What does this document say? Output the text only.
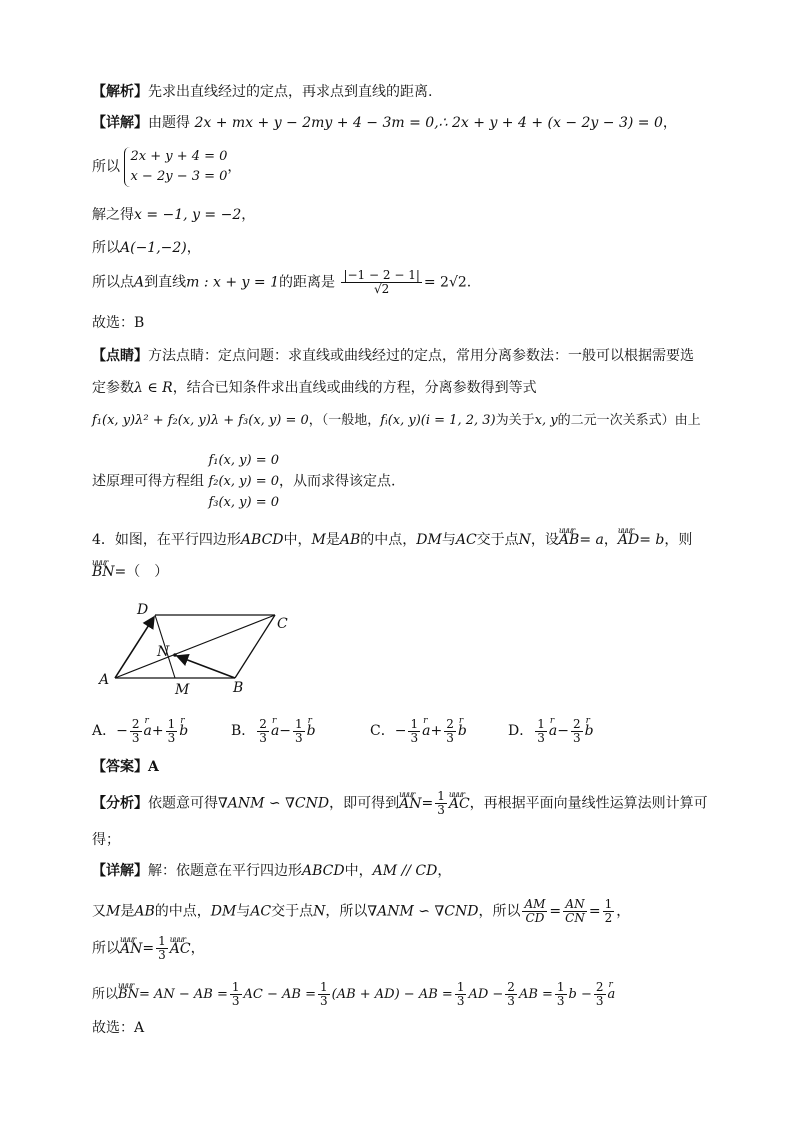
【解析】先求出直线经过的定点，再求点到直线的距离.
【详解】由题得 2x + mx + y − 2my + 4 − 3m = 0,∴ 2x + y + 4 + (x − 2y − 3) = 0，
所以 2x + y + 4 = 0
x − 2y − 3 = 0，
解之得x = −1, y = −2，
所以A(−1,−2)，
所以点A到直线m : x + y = 1的距离是 $\frac{|-1 - 2 - 1|}{√2} = 2√2$.
故选：B
【点睛】方法点睛：定点问题：求直线或曲线经过的定点，常用分离参数法：一般可以根据需要选
定参数λ ∈ R，结合已知条件求出直线或曲线的方程，分离参数得到等式
f₁(x, y)λ² + f₂(x, y)λ + f₃(x, y) = 0，（一般地，fᵢ(x, y)(i = 1, 2, 3)为关于x, y的二元一次关系式）由上
述原理可得方程组 f₁(x, y) = 0
f₂(x, y) = 0
f₃(x, y) = 0，从而求得该定点.
4．如图，在平行四边形ABCD中，M是AB的中点，DM与AC交于点N，设uuur AB= a，uuur AD= b，则
uuur BN=（　）
D
C
N
A
M	B
A．− $\frac{2}{3}$ r $a+ \frac{1}{3}$ r b	B． $\frac{2}{3}$ r $a- \frac{1}{3}$ r b	C．− $\frac{1}{3}$ r $a+ \frac{2}{3}$ r b	D． $\frac{1}{3}$ r $a- \frac{2}{3}$ r b
【答案】A
【分析】依题意可得∇ANM ∽ ∇CND，即可得到uuur $AN= \frac{1}{3}$ uuur AC，再根据平面向量线性运算法则计算可
得；
【详解】解：依题意在平行四边形ABCD中，AM // CD，
又M是AB的中点，DM与AC交于点N，所以∇ANM ∽ ∇CND，所以 $\frac{AM}{CD} = \frac{AN}{CN} = \frac{1}{2}$ ，
所以uuur $AN= \frac{1}{3}$ uuur AC，
所以uuur BN= AN − AB = $\frac{1}{3}$ AC − AB = $\frac{1}{3} (AB + AD)$ − AB = $\frac{1}{3}$ AD − $\frac{2}{3}$ AB = $\frac{1}{3}$ $b - \frac{2}{3}$ r a
故选：A
